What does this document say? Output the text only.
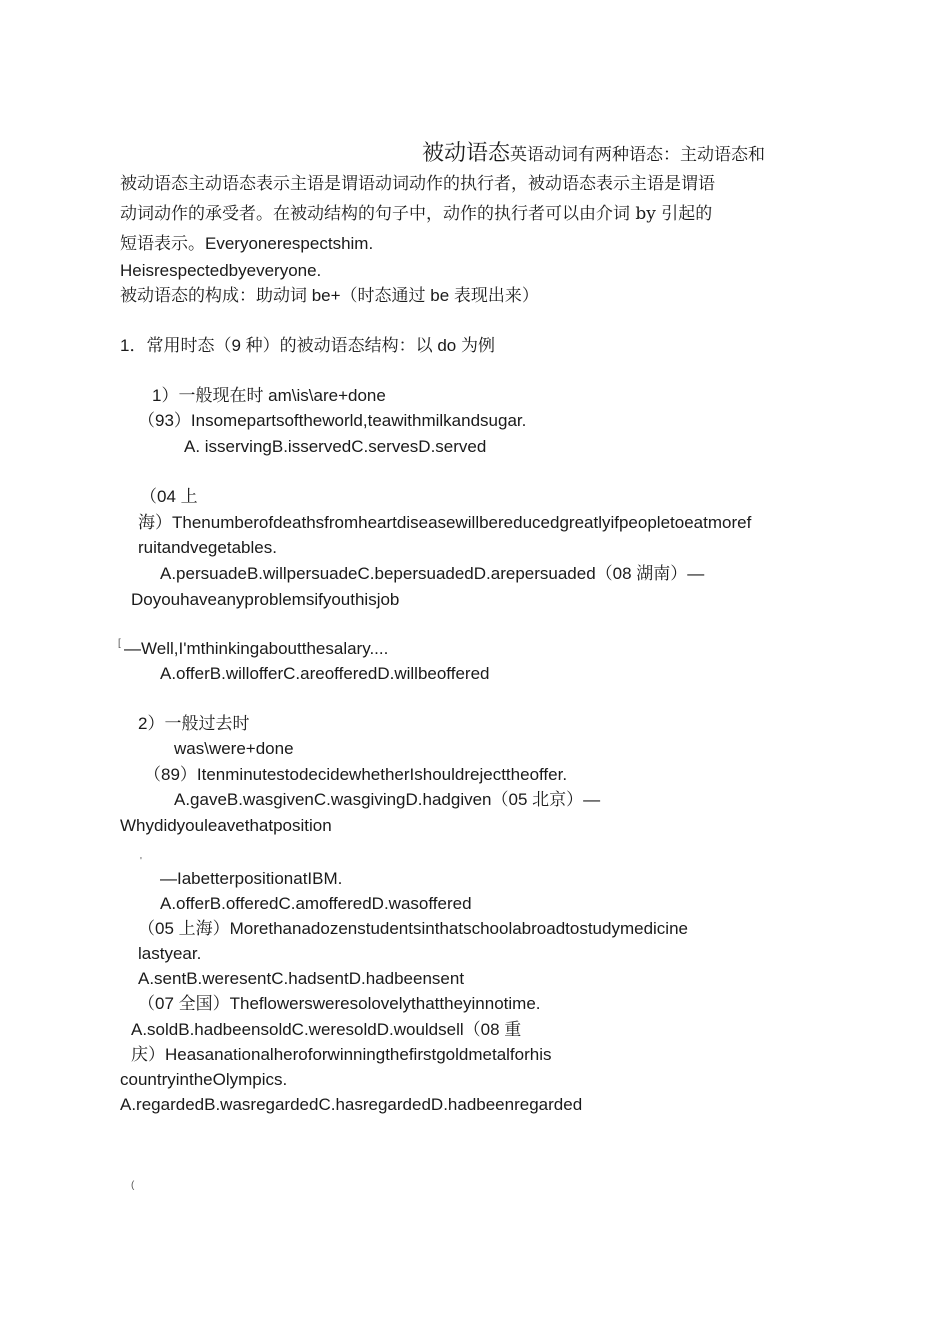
被动语态英语动词有两种语态：主动语态和
被动语态主动语态表示主语是谓语动词动作的执行者，被动语态表示主语是谓语
动词动作的承受者。在被动结构的句子中，动作的执行者可以由介词 by 引起的
短语表示。Everyonerespectshim.
Heisrespectedbyeveryone.
被动语态的构成：助动词 be+（时态通过 be 表现出来）
1．常用时态（9 种）的被动语态结构：以 do 为例
1）一般现在时 am\is\are+done
（93）Insomepartsoftheworld,teawithmilkandsugar.
A. isservingB.isservedC.servesD.served
（04 上
海）Thenumberofdeathsfromheartdiseasewillbereducedgreatlyifpeopletoeatmoref
ruitandvegetables.
A.persuadeB.willpersuadeC.bepersuadedD.arepersuaded（08 湖南）—
Doyouhaveanyproblemsifyouthisjob
[ —Well,I'mthinkingaboutthesalary....
A.offerB.willofferC.areofferedD.willbeoffered
2）一般过去时
was\were+done
（89）ItenminutestodecidewhetherIshouldrejecttheoffer.
A.gaveB.wasgivenC.wasgivingD.hadgiven（05 北京）—
Whydidyouleavethatposition
'
—IabetterpositionatIBM.
A.offerB.offeredC.amofferedD.wasoffered
（05 上海）Morethanadozenstudentsinthatschoolabroadtostudymedicine
lastyear.
A.sentB.weresentC.hadsentD.hadbeensent
（07 全国）Theflowersweresolovelythattheyinnotime.
A.soldB.hadbeensoldC.weresoldD.wouldsell（08 重
庆）Heasanationalheroforwinningthefirstgoldmetalforhis
countryintheOlympics.
A.regardedB.wasregardedC.hasregardedD.hadbeenregarded
(
